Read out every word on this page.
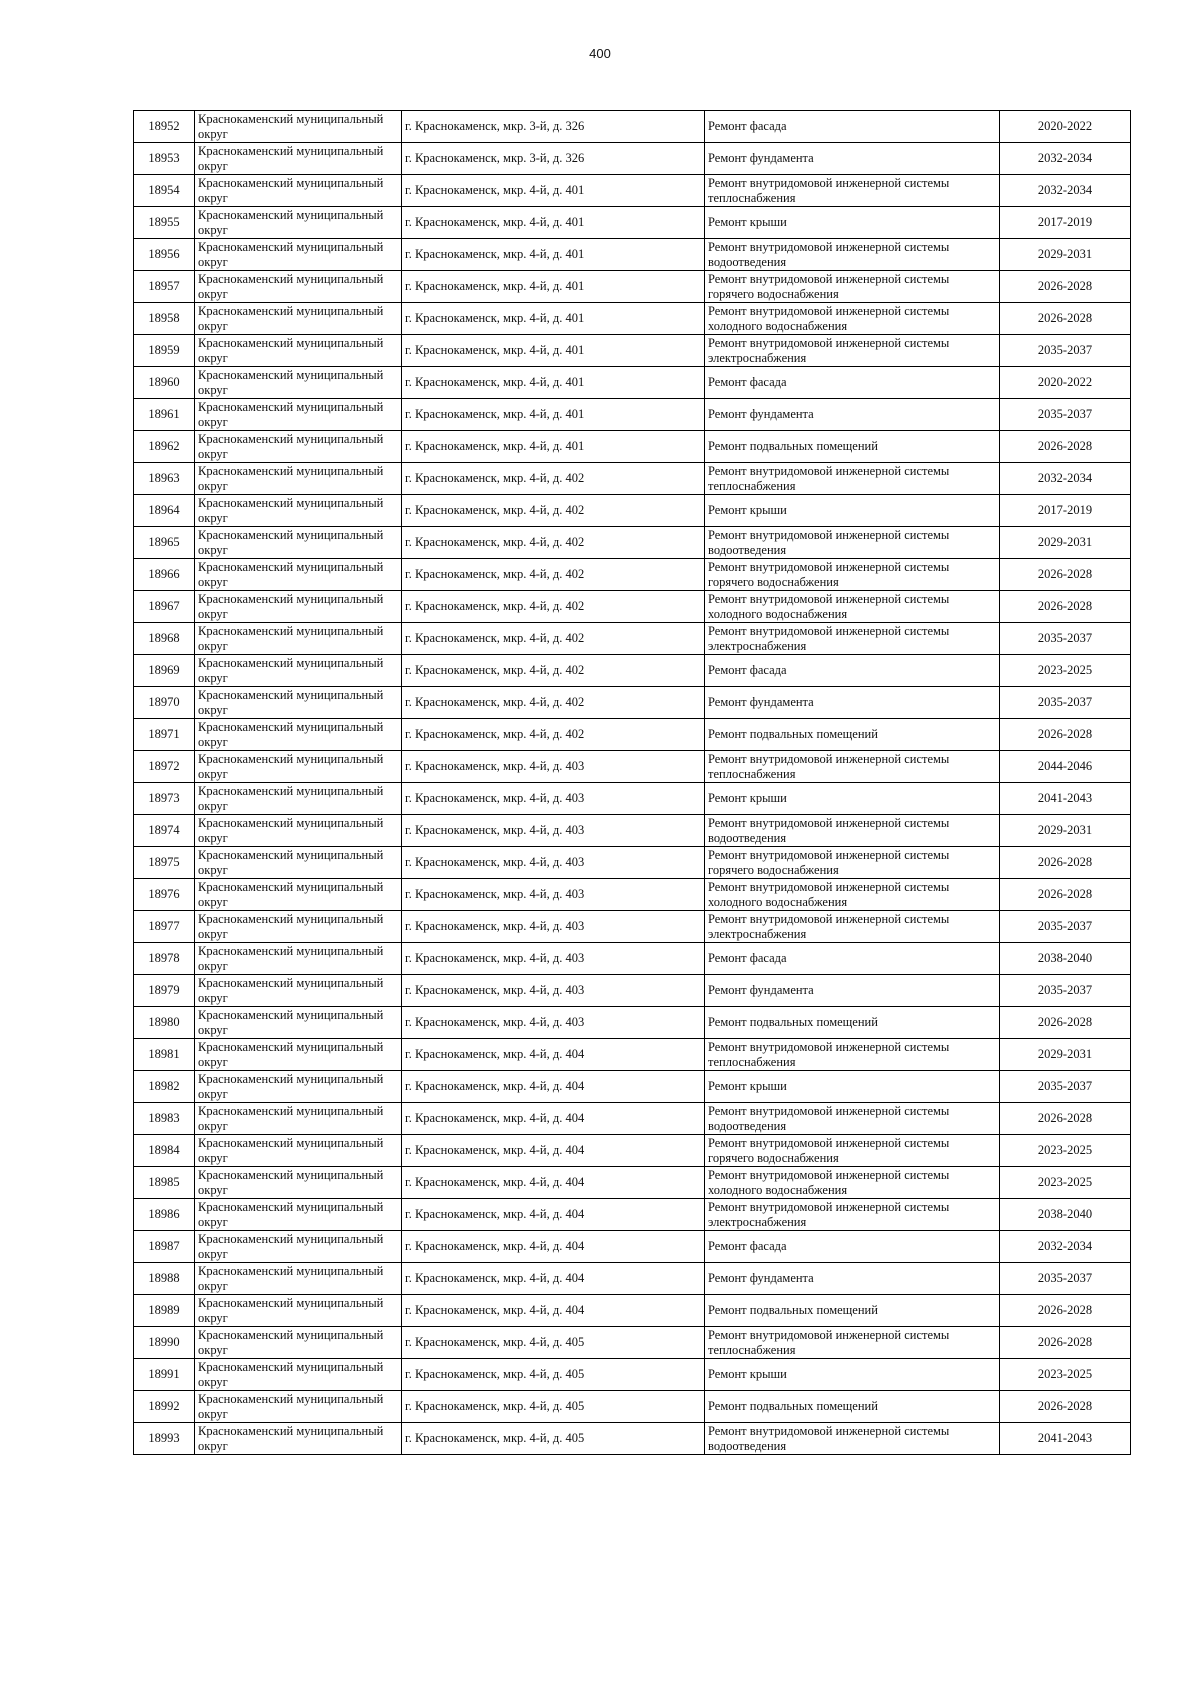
400
18952	Краснокаменский муниципальный округ	г. Краснокаменск, мкр. 3-й, д. 326	Ремонт фасада	2020-2022
18953	Краснокаменский муниципальный округ	г. Краснокаменск, мкр. 3-й, д. 326	Ремонт фундамента	2032-2034
18954	Краснокаменский муниципальный округ	г. Краснокаменск, мкр. 4-й, д. 401	Ремонт внутридомовой инженерной системы теплоснабжения	2032-2034
18955	Краснокаменский муниципальный округ	г. Краснокаменск, мкр. 4-й, д. 401	Ремонт крыши	2017-2019
18956	Краснокаменский муниципальный округ	г. Краснокаменск, мкр. 4-й, д. 401	Ремонт внутридомовой инженерной системы водоотведения	2029-2031
18957	Краснокаменский муниципальный округ	г. Краснокаменск, мкр. 4-й, д. 401	Ремонт внутридомовой инженерной системы горячего водоснабжения	2026-2028
18958	Краснокаменский муниципальный округ	г. Краснокаменск, мкр. 4-й, д. 401	Ремонт внутридомовой инженерной системы холодного водоснабжения	2026-2028
18959	Краснокаменский муниципальный округ	г. Краснокаменск, мкр. 4-й, д. 401	Ремонт внутридомовой инженерной системы электроснабжения	2035-2037
18960	Краснокаменский муниципальный округ	г. Краснокаменск, мкр. 4-й, д. 401	Ремонт фасада	2020-2022
18961	Краснокаменский муниципальный округ	г. Краснокаменск, мкр. 4-й, д. 401	Ремонт фундамента	2035-2037
18962	Краснокаменский муниципальный округ	г. Краснокаменск, мкр. 4-й, д. 401	Ремонт подвальных помещений	2026-2028
18963	Краснокаменский муниципальный округ	г. Краснокаменск, мкр. 4-й, д. 402	Ремонт внутридомовой инженерной системы теплоснабжения	2032-2034
18964	Краснокаменский муниципальный округ	г. Краснокаменск, мкр. 4-й, д. 402	Ремонт крыши	2017-2019
18965	Краснокаменский муниципальный округ	г. Краснокаменск, мкр. 4-й, д. 402	Ремонт внутридомовой инженерной системы водоотведения	2029-2031
18966	Краснокаменский муниципальный округ	г. Краснокаменск, мкр. 4-й, д. 402	Ремонт внутридомовой инженерной системы горячего водоснабжения	2026-2028
18967	Краснокаменский муниципальный округ	г. Краснокаменск, мкр. 4-й, д. 402	Ремонт внутридомовой инженерной системы холодного водоснабжения	2026-2028
18968	Краснокаменский муниципальный округ	г. Краснокаменск, мкр. 4-й, д. 402	Ремонт внутридомовой инженерной системы электроснабжения	2035-2037
18969	Краснокаменский муниципальный округ	г. Краснокаменск, мкр. 4-й, д. 402	Ремонт фасада	2023-2025
18970	Краснокаменский муниципальный округ	г. Краснокаменск, мкр. 4-й, д. 402	Ремонт фундамента	2035-2037
18971	Краснокаменский муниципальный округ	г. Краснокаменск, мкр. 4-й, д. 402	Ремонт подвальных помещений	2026-2028
18972	Краснокаменский муниципальный округ	г. Краснокаменск, мкр. 4-й, д. 403	Ремонт внутридомовой инженерной системы теплоснабжения	2044-2046
18973	Краснокаменский муниципальный округ	г. Краснокаменск, мкр. 4-й, д. 403	Ремонт крыши	2041-2043
18974	Краснокаменский муниципальный округ	г. Краснокаменск, мкр. 4-й, д. 403	Ремонт внутридомовой инженерной системы водоотведения	2029-2031
18975	Краснокаменский муниципальный округ	г. Краснокаменск, мкр. 4-й, д. 403	Ремонт внутридомовой инженерной системы горячего водоснабжения	2026-2028
18976	Краснокаменский муниципальный округ	г. Краснокаменск, мкр. 4-й, д. 403	Ремонт внутридомовой инженерной системы холодного водоснабжения	2026-2028
18977	Краснокаменский муниципальный округ	г. Краснокаменск, мкр. 4-й, д. 403	Ремонт внутридомовой инженерной системы электроснабжения	2035-2037
18978	Краснокаменский муниципальный округ	г. Краснокаменск, мкр. 4-й, д. 403	Ремонт фасада	2038-2040
18979	Краснокаменский муниципальный округ	г. Краснокаменск, мкр. 4-й, д. 403	Ремонт фундамента	2035-2037
18980	Краснокаменский муниципальный округ	г. Краснокаменск, мкр. 4-й, д. 403	Ремонт подвальных помещений	2026-2028
18981	Краснокаменский муниципальный округ	г. Краснокаменск, мкр. 4-й, д. 404	Ремонт внутридомовой инженерной системы теплоснабжения	2029-2031
18982	Краснокаменский муниципальный округ	г. Краснокаменск, мкр. 4-й, д. 404	Ремонт крыши	2035-2037
18983	Краснокаменский муниципальный округ	г. Краснокаменск, мкр. 4-й, д. 404	Ремонт внутридомовой инженерной системы водоотведения	2026-2028
18984	Краснокаменский муниципальный округ	г. Краснокаменск, мкр. 4-й, д. 404	Ремонт внутридомовой инженерной системы горячего водоснабжения	2023-2025
18985	Краснокаменский муниципальный округ	г. Краснокаменск, мкр. 4-й, д. 404	Ремонт внутридомовой инженерной системы холодного водоснабжения	2023-2025
18986	Краснокаменский муниципальный округ	г. Краснокаменск, мкр. 4-й, д. 404	Ремонт внутридомовой инженерной системы электроснабжения	2038-2040
18987	Краснокаменский муниципальный округ	г. Краснокаменск, мкр. 4-й, д. 404	Ремонт фасада	2032-2034
18988	Краснокаменский муниципальный округ	г. Краснокаменск, мкр. 4-й, д. 404	Ремонт фундамента	2035-2037
18989	Краснокаменский муниципальный округ	г. Краснокаменск, мкр. 4-й, д. 404	Ремонт подвальных помещений	2026-2028
18990	Краснокаменский муниципальный округ	г. Краснокаменск, мкр. 4-й, д. 405	Ремонт внутридомовой инженерной системы теплоснабжения	2026-2028
18991	Краснокаменский муниципальный округ	г. Краснокаменск, мкр. 4-й, д. 405	Ремонт крыши	2023-2025
18992	Краснокаменский муниципальный округ	г. Краснокаменск, мкр. 4-й, д. 405	Ремонт подвальных помещений	2026-2028
18993	Краснокаменский муниципальный округ	г. Краснокаменск, мкр. 4-й, д. 405	Ремонт внутридомовой инженерной системы водоотведения	2041-2043
